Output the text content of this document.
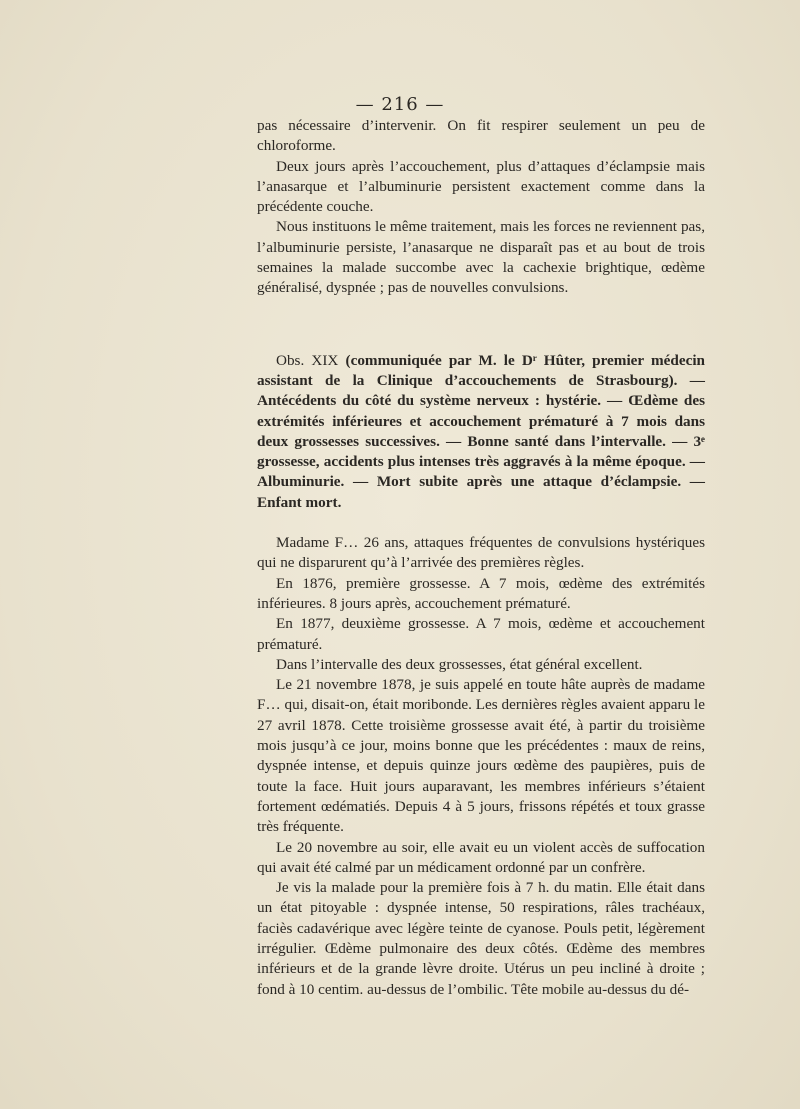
— 216 —

pas nécessaire d’intervenir. On fit respirer seulement un peu de chloroforme.

Deux jours après l’accouchement, plus d’attaques d’éclampsie mais l’anasarque et l’albuminurie persistent exactement comme dans la précédente couche.

Nous instituons le même traitement, mais les forces ne reviennent pas, l’albuminurie persiste, l’anasarque ne disparaît pas et au bout de trois semaines la malade succombe avec la cachexie brightique, œdème généralisé, dyspnée ; pas de nouvelles convulsions.

Obs. XIX (communiquée par M. le Dʳ Hûter, premier médecin assistant de la Clinique d’accouchements de Strasbourg). — Antécédents du côté du système nerveux : hystérie. — Œdème des extrémités inférieures et accouchement prématuré à 7 mois dans deux grossesses successives. — Bonne santé dans l’intervalle. — 3ᵉ grossesse, accidents plus intenses très aggravés à la même époque. — Albuminurie. — Mort subite après une attaque d’éclampsie. — Enfant mort.

Madame F… 26 ans, attaques fréquentes de convulsions hystériques qui ne disparurent qu’à l’arrivée des premières règles.

En 1876, première grossesse. A 7 mois, œdème des extrémités inférieures. 8 jours après, accouchement prématuré.

En 1877, deuxième grossesse. A 7 mois, œdème et accouchement prématuré.

Dans l’intervalle des deux grossesses, état général excellent.

Le 21 novembre 1878, je suis appelé en toute hâte auprès de madame F… qui, disait-on, était moribonde. Les dernières règles avaient apparu le 27 avril 1878. Cette troisième grossesse avait été, à partir du troisième mois jusqu’à ce jour, moins bonne que les précédentes : maux de reins, dyspnée intense, et depuis quinze jours œdème des paupières, puis de toute la face. Huit jours auparavant, les membres inférieurs s’étaient fortement œdématiés. Depuis 4 à 5 jours, frissons répétés et toux grasse très fréquente.

Le 20 novembre au soir, elle avait eu un violent accès de suffocation qui avait été calmé par un médicament ordonné par un confrère.

Je vis la malade pour la première fois à 7 h. du matin. Elle était dans un état pitoyable : dyspnée intense, 50 respirations, râles trachéaux, faciès cadavérique avec légère teinte de cyanose. Pouls petit, légèrement irrégulier. Œdème pulmonaire des deux côtés. Œdème des membres inférieurs et de la grande lèvre droite. Utérus un peu incliné à droite ; fond à 10 centim. au-dessus de l’ombilic. Tête mobile au-dessus du dé-
